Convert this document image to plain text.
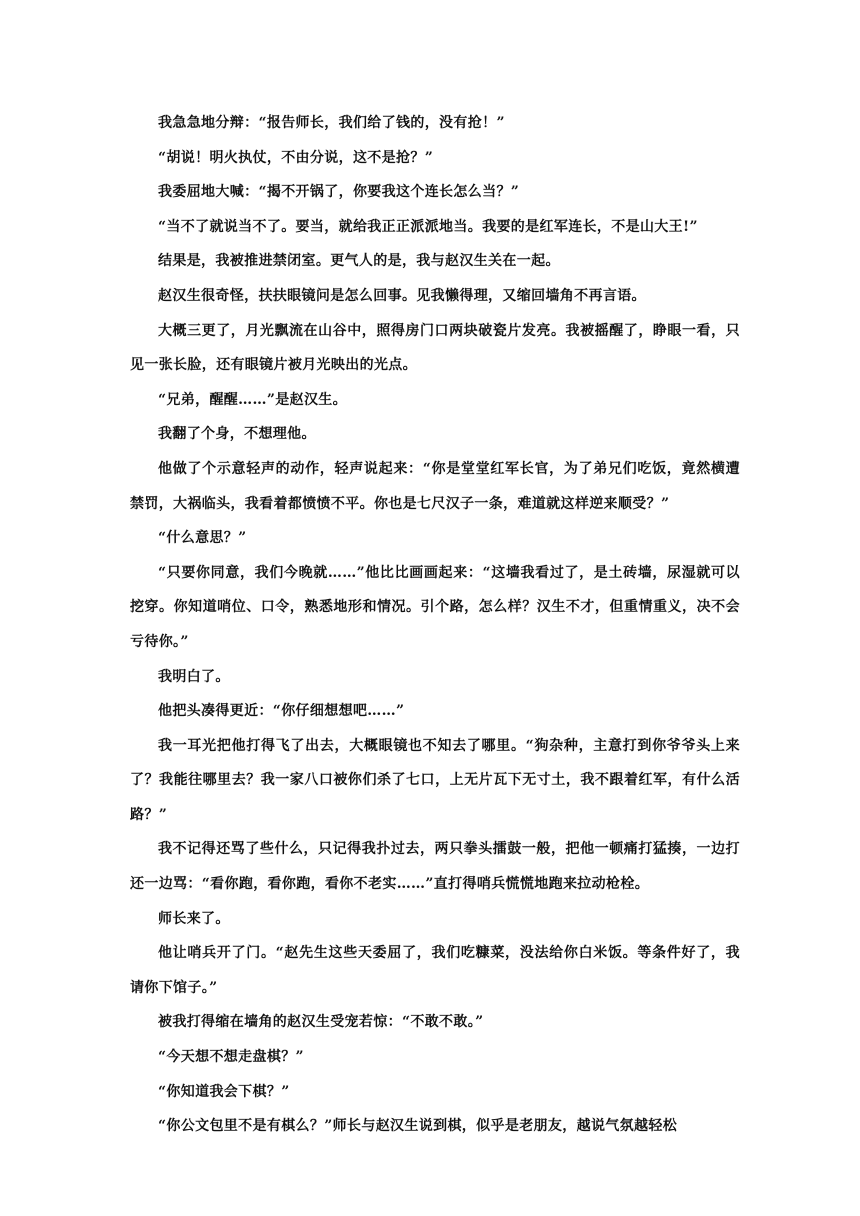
我急急地分辩：“报告师长，我们给了钱的，没有抢！”

“胡说！明火执仗，不由分说，这不是抢？”

我委屈地大喊：“揭不开锅了，你要我这个连长怎么当？”

“当不了就说当不了。要当，就给我正正派派地当。我要的是红军连长，不是山大王!”

结果是，我被推进禁闭室。更气人的是，我与赵汉生关在一起。

赵汉生很奇怪，扶扶眼镜问是怎么回事。见我懒得理，又缩回墙角不再言语。

大概三更了，月光飘流在山谷中，照得房门口两块破瓷片发亮。我被摇醒了，睁眼一看，只见一张长脸，还有眼镜片被月光映出的光点。

“兄弟，醒醒……”是赵汉生。

我翻了个身，不想理他。

他做了个示意轻声的动作，轻声说起来：“你是堂堂红军长官，为了弟兄们吃饭，竟然横遭禁罚，大祸临头，我看着都愤愤不平。你也是七尺汉子一条，难道就这样逆来顺受？”

“什么意思？”

“只要你同意，我们今晚就……”他比比画画起来：“这墙我看过了，是土砖墙，尿湿就可以挖穿。你知道哨位、口令，熟悉地形和情况。引个路，怎么样？汉生不才，但重情重义，决不会亏待你。”

我明白了。

他把头凑得更近：“你仔细想想吧……”

我一耳光把他打得飞了出去，大概眼镜也不知去了哪里。“狗杂种，主意打到你爷爷头上来了？我能往哪里去？我一家八口被你们杀了七口，上无片瓦下无寸土，我不跟着红军，有什么活路？”

我不记得还骂了些什么，只记得我扑过去，两只拳头擂鼓一般，把他一顿痛打猛揍，一边打还一边骂：“看你跑，看你跑，看你不老实……”直打得哨兵慌慌地跑来拉动枪栓。

师长来了。

他让哨兵开了门。“赵先生这些天委屈了，我们吃糠菜，没法给你白米饭。等条件好了，我请你下馆子。”

被我打得缩在墙角的赵汉生受宠若惊：“不敢不敢。”

“今天想不想走盘棋？”

“你知道我会下棋？”

“你公文包里不是有棋么？”师长与赵汉生说到棋，似乎是老朋友，越说气氛越轻松
